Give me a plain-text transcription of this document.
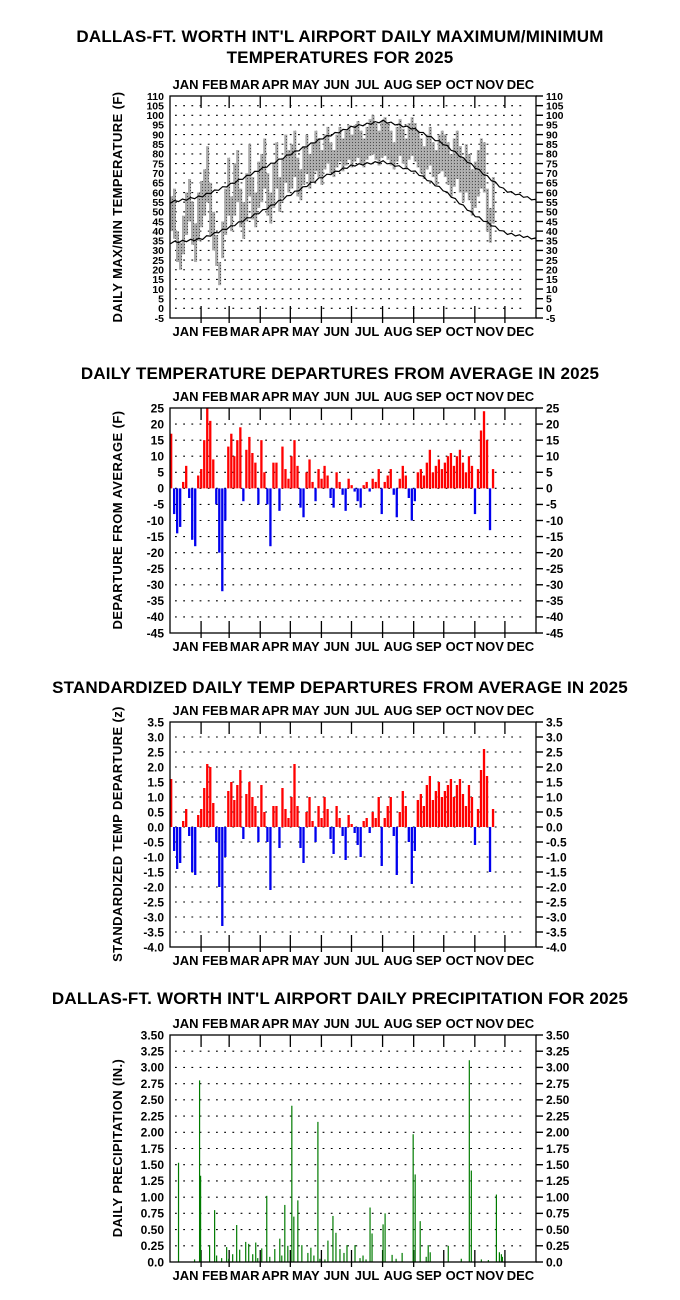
DALLAS-FT. WORTH INT'L AIRPORT DAILY MAXIMUM/MINIMUM
TEMPERATURES FOR 2025
DAILY TEMPERATURE DEPARTURES FROM AVERAGE IN 2025
STANDARDIZED DAILY TEMP DEPARTURES FROM AVERAGE IN 2025
DALLAS-FT. WORTH INT'L AIRPORT DAILY PRECIPITATION FOR 2025
DAILY MAX/MIN TEMPERATURE (F)
DEPARTURE FROM AVERAGE (F)
STANDARDIZED TEMP DEPARTURE (z)
DAILY PRECIPITATION (IN.)
-5	-5
0	0
5	5
10	10
15	15
20	20
25	25
30	30
35	35
40	40
45	45
50	50
55	55
60	60
65	65
70	70
75	75
80	80
85	85
90	90
95	95
100	100
105	105
110	110
JAN
JAN
FEB
FEB
MAR
MAR
APR
APR
MAY
MAY
JUN
JUN
JUL
JUL
AUG
AUG
SEP
SEP
OCT
OCT
NOV
NOV
DEC
DEC
-45	-45
-40	-40
-35	-35
-30	-30
-25	-25
-20	-20
-15	-15
-10	-10
-5	-5
0	0
5	5
10	10
15	15
20	20
25	25
JAN
JAN
FEB
FEB
MAR
MAR
APR
APR
MAY
MAY
JUN
JUN
JUL
JUL
AUG
AUG
SEP
SEP
OCT
OCT
NOV
NOV
DEC
DEC
-4.0	-4.0
-3.5	-3.5
-3.0	-3.0
-2.5	-2.5
-2.0	-2.0
-1.5	-1.5
-1.0	-1.0
-0.5	-0.5
0.0	0.0
0.5	0.5
1.0	1.0
1.5	1.5
2.0	2.0
2.5	2.5
3.0	3.0
3.5	3.5
JAN
JAN
FEB
FEB
MAR
MAR
APR
APR
MAY
MAY
JUN
JUN
JUL
JUL
AUG
AUG
SEP
SEP
OCT
OCT
NOV
NOV
DEC
DEC
0.0	0.0
0.25	0.25
0.50	0.50
0.75	0.75
1.00	1.00
1.25	1.25
1.50	1.50
1.75	1.75
2.00	2.00
2.25	2.25
2.50	2.50
2.75	2.75
3.00	3.00
3.25	3.25
3.50	3.50
JAN
JAN
FEB
FEB
MAR
MAR
APR
APR
MAY
MAY
JUN
JUN
JUL
JUL
AUG
AUG
SEP
SEP
OCT
OCT
NOV
NOV
DEC
DEC
